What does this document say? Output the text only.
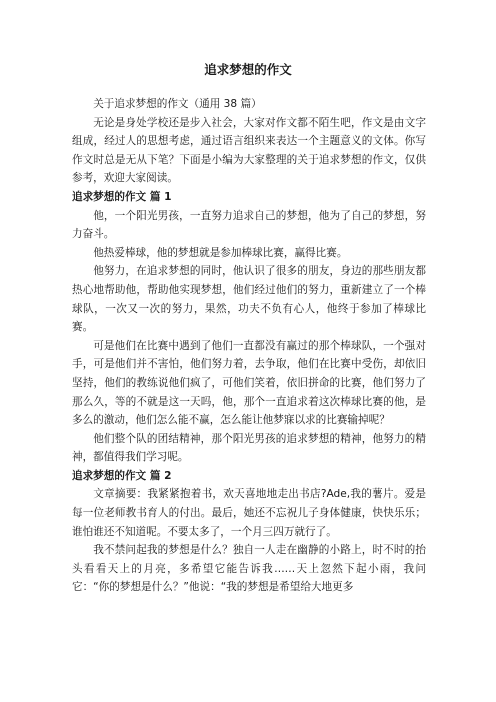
追求梦想的作文

关于追求梦想的作文（通用 38 篇）

无论是身处学校还是步入社会，大家对作文都不陌生吧，作文是由文字组成，经过人的思想考虑，通过语言组织来表达一个主题意义的文体。你写作文时总是无从下笔？下面是小编为大家整理的关于追求梦想的作文，仅供参考，欢迎大家阅读。

追求梦想的作文 篇 1

他，一个阳光男孩，一直努力追求自己的梦想，他为了自己的梦想，努力奋斗。

他热爱棒球，他的梦想就是参加棒球比赛，赢得比赛。

他努力，在追求梦想的同时，他认识了很多的朋友，身边的那些朋友都热心地帮助他，帮助他实现梦想，他们经过他们的努力，重新建立了一个棒球队，一次又一次的努力，果然，功夫不负有心人，他终于参加了棒球比赛。

可是他们在比赛中遇到了他们一直都没有赢过的那个棒球队，一个强对手，可是他们并不害怕，他们努力着，去争取，他们在比赛中受伤，却依旧坚持，他们的教练说他们疯了，可他们笑着，依旧拼命的比赛，他们努力了那么久，等的不就是这一天吗，他，那个一直追求着这次棒球比赛的他，是多么的激动，他们怎么能不赢，怎么能让他梦寐以求的比赛输掉呢？

他们整个队的团结精神，那个阳光男孩的追求梦想的精神，他努力的精神，都值得我们学习呢。

追求梦想的作文 篇 2

文章摘要：我紧紧抱着书，欢天喜地地走出书店?Ade,我的薯片。爱是每一位老师教书育人的付出。最后，她还不忘祝儿子身体健康，快快乐乐；谁怕谁还不知道呢。不要太多了，一个月三四万就行了。

我不禁问起我的梦想是什么？独自一人走在幽静的小路上，时不时的抬头看看天上的月亮，多希望它能告诉我……天上忽然下起小雨，我问它：“你的梦想是什么？”他说：“我的梦想是希望给大地更多
